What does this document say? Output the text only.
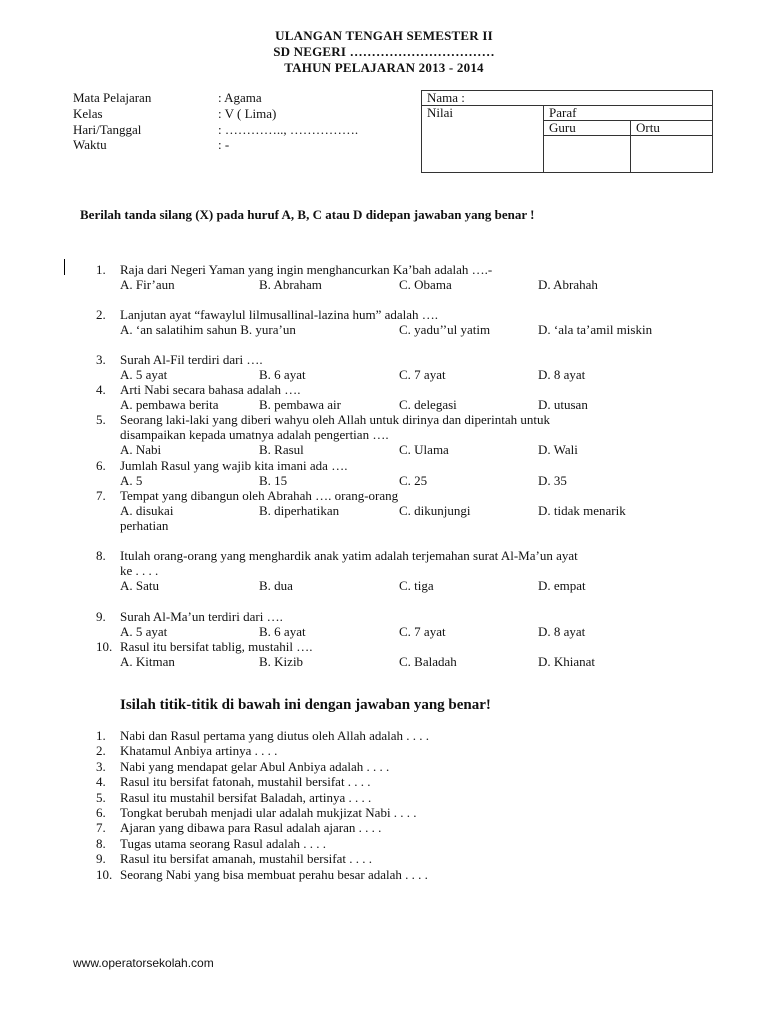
ULANGAN TENGAH SEMESTER II
SD NEGERI ……………………………
TAHUN PELAJARAN 2013 - 2014
Mata Pelajaran	: Agama
Kelas	: V ( Lima)
Hari/Tanggal	: ………….., …………….
Waktu	: -
Nama :		
Nilai	Paraf	
	Guru	Ortu

Berilah tanda silang (X) pada huruf A, B, C atau D didepan jawaban yang benar !
1.	Raja dari Negeri Yaman yang ingin menghancurkan Ka’bah adalah ….-
A. Fir’aun	B. Abraham	C. Obama	D. Abrahah
2.	Lanjutan ayat “fawaylul lilmusallinal-lazina hum” adalah ….
A. ‘an salatihim sahun B. yura’un	C. yadu’’ul yatim	D. ‘ala ta’amil miskin
3.	Surah Al-Fil terdiri dari ….
A. 5 ayat	B. 6 ayat	C. 7 ayat	D. 8 ayat
4.	Arti Nabi secara bahasa adalah ….
A. pembawa berita	B. pembawa air	C. delegasi	D. utusan
5.	Seorang laki-laki yang diberi wahyu oleh Allah untuk dirinya dan diperintah untuk
disampaikan kepada umatnya adalah pengertian ….
A. Nabi	B. Rasul	C. Ulama	D. Wali
6.	Jumlah Rasul yang wajib kita imani ada ….
A. 5	B. 15	C. 25	D. 35
7.	Tempat yang dibangun oleh Abrahah …. orang-orang
A. disukai	B. diperhatikan	C. dikunjungi	D. tidak menarik
perhatian
8.	Itulah orang-orang yang menghardik anak yatim adalah terjemahan surat Al-Ma’un ayat
ke . . . .
A. Satu	B. dua	C. tiga	D. empat
9.	Surah Al-Ma’un terdiri dari ….
A. 5 ayat	B. 6 ayat	C. 7 ayat	D. 8 ayat
10. Rasul itu bersifat tablig, mustahil ….
A. Kitman	B. Kizib	C. Baladah	D. Khianat
Isilah titik-titik di bawah ini dengan jawaban yang benar!
1.	Nabi dan Rasul pertama yang diutus oleh Allah adalah . . . .
2.	Khatamul Anbiya artinya . . . .
3.	Nabi yang mendapat gelar Abul Anbiya adalah . . . .
4.	Rasul itu bersifat fatonah, mustahil bersifat . . . .
5.	Rasul itu mustahil bersifat Baladah, artinya . . . .
6.	Tongkat berubah menjadi ular adalah mukjizat Nabi . . . .
7.	Ajaran yang dibawa para Rasul adalah ajaran . . . .
8.	Tugas utama seorang Rasul adalah . . . .
9.	Rasul itu bersifat amanah, mustahil bersifat . . . .
10. Seorang Nabi yang bisa membuat perahu besar adalah . . . .
www.operatorsekolah.com
